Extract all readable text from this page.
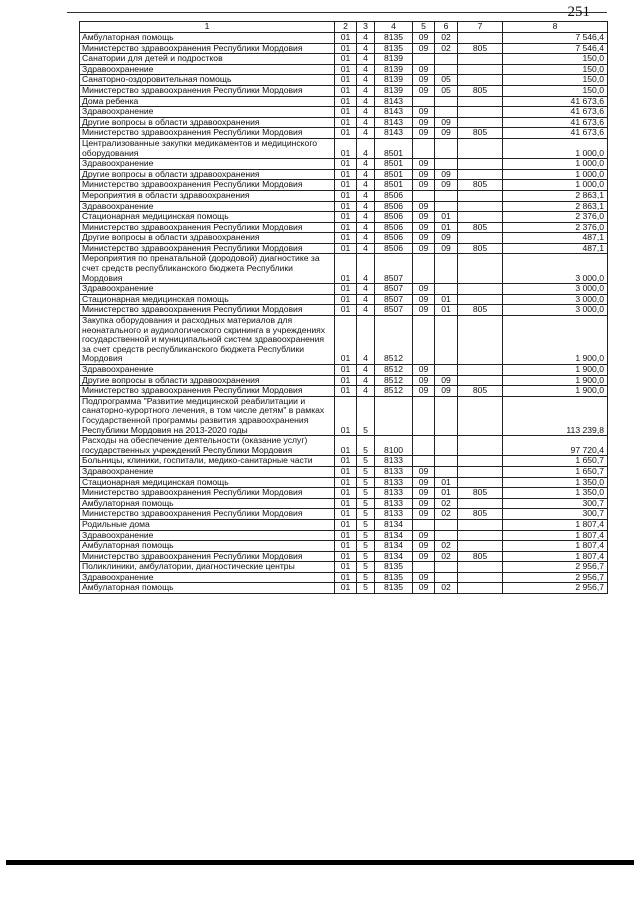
251
1	2	3	4	5	6	7	8
Амбулаторная помощь	01	4	8135	09	02		7 546,4
Министерство здравоохранения Республики Мордовия	01	4	8135	09	02	805	7 546,4
Санатории для детей и подростков	01	4	8139				150,0
Здравоохранение	01	4	8139	09			150,0
Санаторно-оздоровительная помощь	01	4	8139	09	05		150,0
Министерство здравоохранения Республики Мордовия	01	4	8139	09	05	805	150,0
Дома ребенка	01	4	8143				41 673,6
Здравоохранение	01	4	8143	09			41 673,6
Другие вопросы в области здравоохранения	01	4	8143	09	09		41 673,6
Министерство здравоохранения Республики Мордовия	01	4	8143	09	09	805	41 673,6
Централизованные закупки медикаментов и медицинского оборудования	01	4	8501				1 000,0
Здравоохранение	01	4	8501	09			1 000,0
Другие вопросы в области здравоохранения	01	4	8501	09	09		1 000,0
Министерство здравоохранения Республики Мордовия	01	4	8501	09	09	805	1 000,0
Мероприятия в области здравоохранения	01	4	8506				2 863,1
Здравоохранение	01	4	8506	09			2 863,1
Стационарная медицинская помощь	01	4	8506	09	01		2 376,0
Министерство здравоохранения Республики Мордовия	01	4	8506	09	01	805	2 376,0
Другие вопросы в области здравоохранения	01	4	8506	09	09		487,1
Министерство здравоохранения Республики Мордовия	01	4	8506	09	09	805	487,1
Мероприятия по пренатальной (дородовой) диагностике за счет средств республиканского бюджета Республики Мордовия	01	4	8507				3 000,0
Здравоохранение	01	4	8507	09			3 000,0
Стационарная медицинская помощь	01	4	8507	09	01		3 000,0
Министерство здравоохранения Республики Мордовия	01	4	8507	09	01	805	3 000,0
Закупка оборудования и расходных материалов для неонатального и аудиологического скрининга в учреждениях государственной и муниципальной систем здравоохранения за счет средств республиканского бюджета Республики Мордовия	01	4	8512				1 900,0
Здравоохранение	01	4	8512	09			1 900,0
Другие вопросы в области здравоохранения	01	4	8512	09	09		1 900,0
Министерство здравоохранения Республики Мордовия	01	4	8512	09	09	805	1 900,0
Подпрограмма "Развитие медицинской реабилитации и санаторно-курортного лечения, в том числе детям" в рамках Государственной программы развития здравоохранения Республики Мордовия на 2013-2020 годы	01	5					113 239,8
Расходы на обеспечение деятельности (оказание услуг) государственных учреждений Республики Мордовия	01	5	8100				97 720,4
Больницы, клиники, госпитали, медико-санитарные части	01	5	8133				1 650,7
Здравоохранение	01	5	8133	09			1 650,7
Стационарная медицинская помощь	01	5	8133	09	01		1 350,0
Министерство здравоохранения Республики Мордовия	01	5	8133	09	01	805	1 350,0
Амбулаторная помощь	01	5	8133	09	02		300,7
Министерство здравоохранения Республики Мордовия	01	5	8133	09	02	805	300,7
Родильные дома	01	5	8134				1 807,4
Здравоохранение	01	5	8134	09			1 807,4
Амбулаторная помощь	01	5	8134	09	02		1 807,4
Министерство здравоохранения Республики Мордовия	01	5	8134	09	02	805	1 807,4
Поликлиники, амбулатории, диагностические центры	01	5	8135				2 956,7
Здравоохранение	01	5	8135	09			2 956,7
Амбулаторная помощь	01	5	8135	09	02		2 956,7
